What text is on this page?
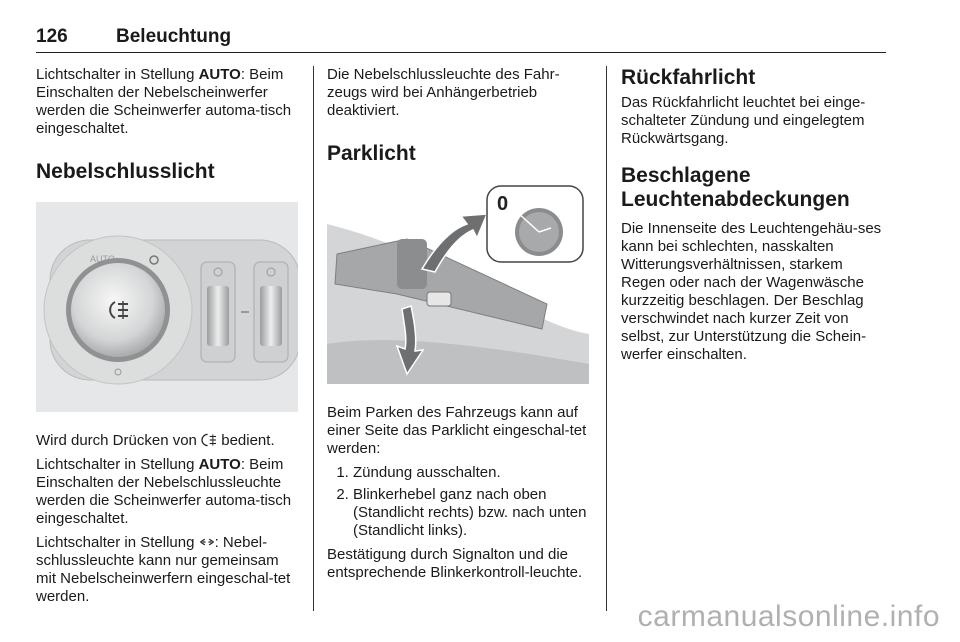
126	Beleuchtung

Lichtschalter in Stellung AUTO: Beim Einschalten der Nebelscheinwerfer werden die Scheinwerfer automa-tisch eingeschaltet.

Nebelschlusslicht
AUTO

Wird durch Drücken von  bedient.

Lichtschalter in Stellung AUTO: Beim Einschalten der Nebelschlussleuchte werden die Scheinwerfer automa-tisch eingeschaltet.

Lichtschalter in Stellung : Nebel-schlussleuchte kann nur gemeinsam mit Nebelscheinwerfern eingeschal-tet werden.

Die Nebelschlussleuchte des Fahr-zeugs wird bei Anhängerbetrieb deaktiviert.

Parklicht
0

Beim Parken des Fahrzeugs kann auf einer Seite das Parklicht eingeschal-tet werden:

1. Zündung ausschalten.
2. Blinkerhebel ganz nach oben (Standlicht rechts) bzw. nach unten (Standlicht links).

Bestätigung durch Signalton und die entsprechende Blinkerkontroll-leuchte.

Rückfahrlicht

Das Rückfahrlicht leuchtet bei einge-schalteter Zündung und eingelegtem Rückwärtsgang.

Beschlagene Leuchtenabdeckungen

Die Innenseite des Leuchtengehäu-ses kann bei schlechten, nasskalten Witterungsverhältnissen, starkem Regen oder nach der Wagenwäsche kurzzeitig beschlagen. Der Beschlag verschwindet nach kurzer Zeit von selbst, zur Unterstützung die Schein-werfer einschalten.

carmanualsonline.info
